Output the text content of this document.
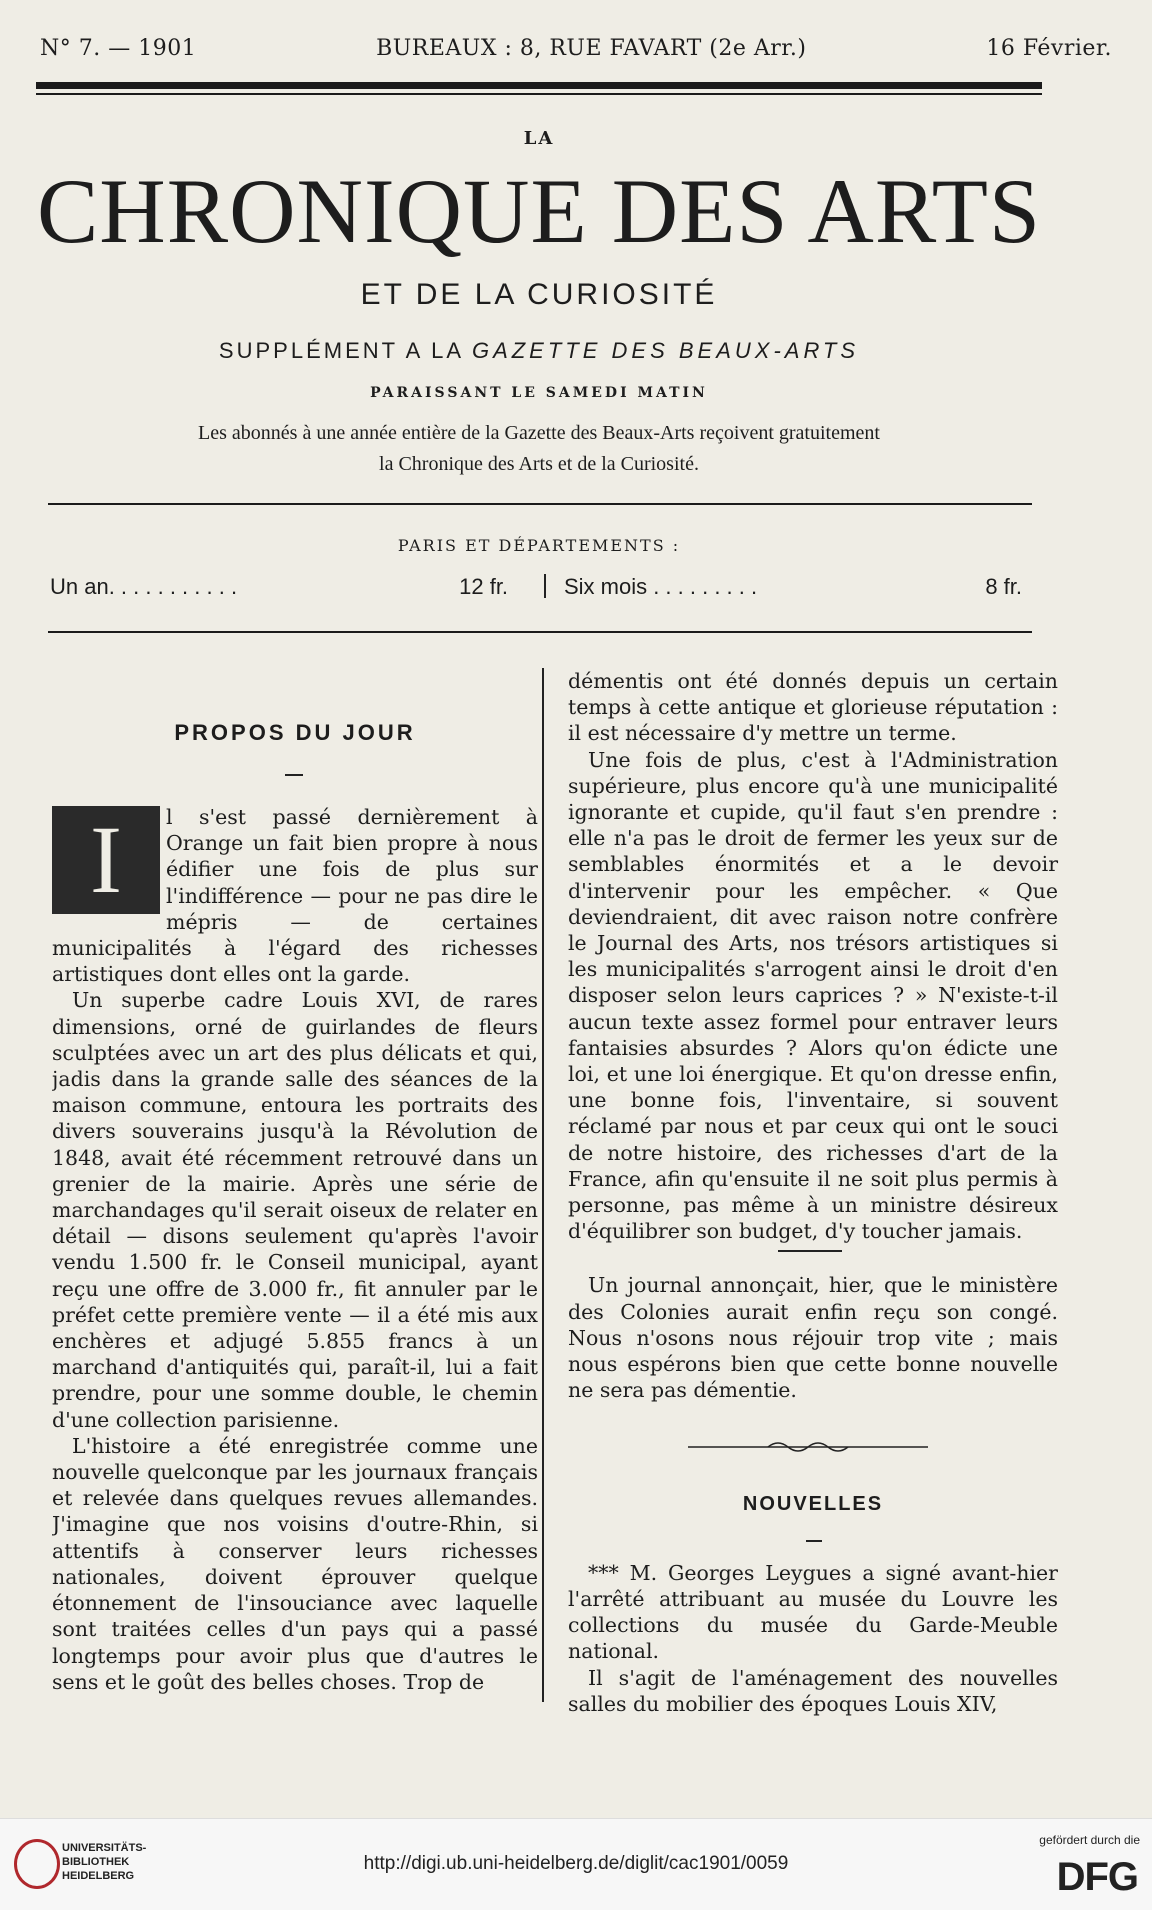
N° 7. — 1901	BUREAUX : 8, RUE FAVART (2e Arr.)	16 Février.
LA
CHRONIQUE DES ARTS
ET DE LA CURIOSITÉ
SUPPLÉMENT A LA GAZETTE DES BEAUX-ARTS
PARAISSANT LE SAMEDI MATIN
Les abonnés à une année entière de la Gazette des Beaux-Arts reçoivent gratuitement
la Chronique des Arts et de la Curiosité.
PARIS ET DÉPARTEMENTS :
Un an. . . . . . . . . . .	12 fr.	Six mois . . . . . . . . .	8 fr.
PROPOS DU JOUR
I	l s'est passé dernièrement à Orange un fait bien propre à nous édifier une fois de plus sur l'indifférence — pour ne pas dire le mépris — de certaines municipalités à l'égard des richesses artistiques dont elles ont la garde.

Un superbe cadre Louis XVI, de rares dimensions, orné de guirlandes de fleurs sculptées avec un art des plus délicats et qui, jadis dans la grande salle des séances de la maison commune, entoura les portraits des divers souverains jusqu'à la Révolution de 1848, avait été récemment retrouvé dans un grenier de la mairie. Après une série de marchandages qu'il serait oiseux de relater en détail — disons seulement qu'après l'avoir vendu 1.500 fr. le Conseil municipal, ayant reçu une offre de 3.000 fr., fit annuler par le préfet cette première vente — il a été mis aux enchères et adjugé 5.855 francs à un marchand d'antiquités qui, paraît-il, lui a fait prendre, pour une somme double, le chemin d'une collection parisienne.

L'histoire a été enregistrée comme une nouvelle quelconque par les journaux français et relevée dans quelques revues allemandes. J'imagine que nos voisins d'outre-Rhin, si attentifs à conserver leurs richesses nationales, doivent éprouver quelque étonnement de l'insouciance avec laquelle sont traitées celles d'un pays qui a passé longtemps pour avoir plus que d'autres le sens et le goût des belles choses. Trop de

démentis ont été donnés depuis un certain temps à cette antique et glorieuse réputation : il est nécessaire d'y mettre un terme.

Une fois de plus, c'est à l'Administration supérieure, plus encore qu'à une municipalité ignorante et cupide, qu'il faut s'en prendre : elle n'a pas le droit de fermer les yeux sur de semblables énormités et a le devoir d'intervenir pour les empêcher. « Que deviendraient, dit avec raison notre confrère le Journal des Arts, nos trésors artistiques si les municipalités s'arrogent ainsi le droit d'en disposer selon leurs caprices ? » N'existe-t-il aucun texte assez formel pour entraver leurs fantaisies absurdes ? Alors qu'on édicte une loi, et une loi énergique. Et qu'on dresse enfin, une bonne fois, l'inventaire, si souvent réclamé par nous et par ceux qui ont le souci de notre histoire, des richesses d'art de la France, afin qu'ensuite il ne soit plus permis à personne, pas même à un ministre désireux d'équilibrer son budget, d'y toucher jamais.

Un journal annonçait, hier, que le ministère des Colonies aurait enfin reçu son congé. Nous n'osons nous réjouir trop vite ; mais nous espérons bien que cette bonne nouvelle ne sera pas démentie.

NOUVELLES

*** M. Georges Leygues a signé avant-hier l'arrêté attribuant au musée du Louvre les collections du musée du Garde-Meuble national.

Il s'agit de l'aménagement des nouvelles salles du mobilier des époques Louis XIV,

UNIVERSITÄTS-
BIBLIOTHEK
HEIDELBERG
http://digi.ub.uni-heidelberg.de/diglit/cac1901/0059
gefördert durch die
DFG
